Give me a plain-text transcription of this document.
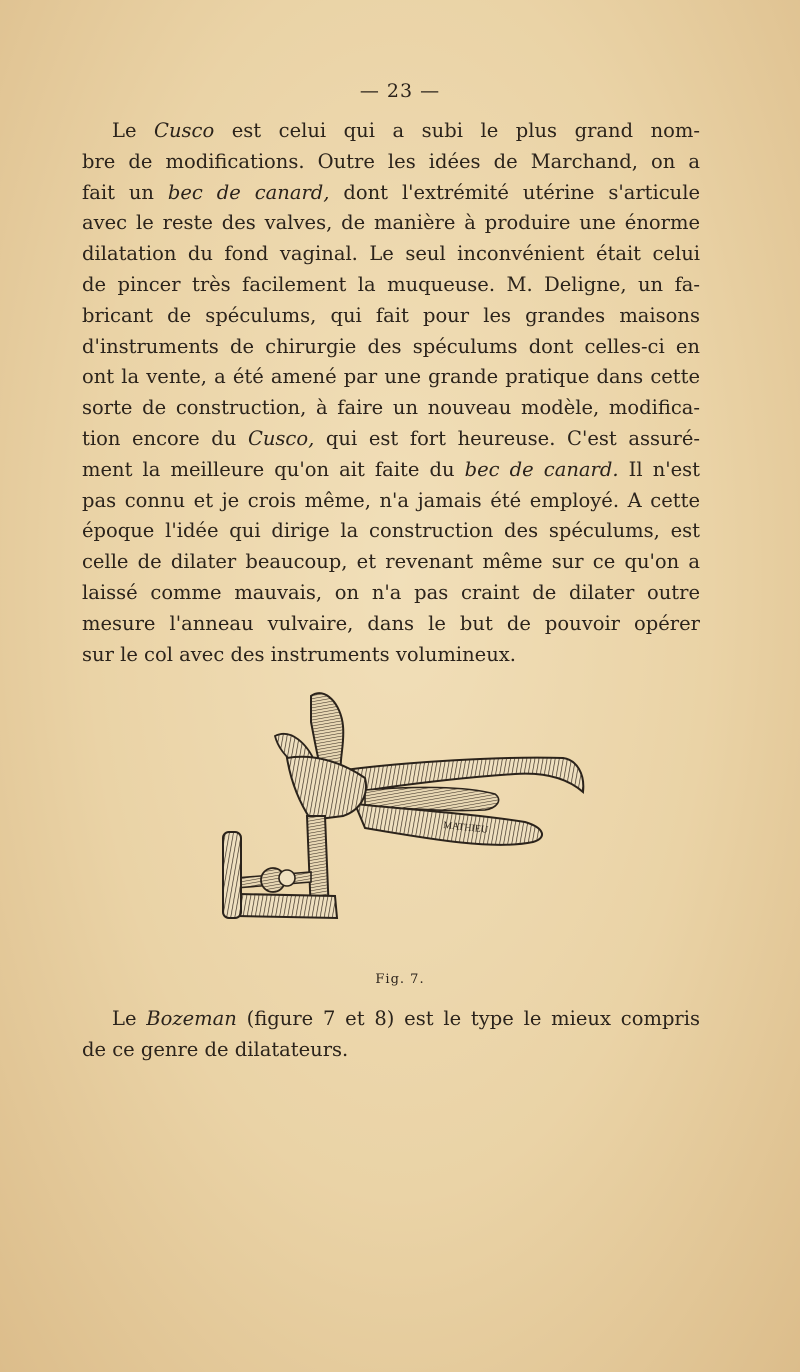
— 23 —
Le Cusco est celui qui a subi le plus grand nom-
bre de modifications. Outre les idées de Marchand, on a
fait un bec de canard, dont l'extrémité utérine s'articule
avec le reste des valves, de manière à produire une énorme
dilatation du fond vaginal. Le seul inconvénient était celui
de pincer très facilement la muqueuse. M. Deligne, un fa-
bricant de spéculums, qui fait pour les grandes maisons
d'instruments de chirurgie des spéculums dont celles-ci en
ont la vente, a été amené par une grande pratique dans cette
sorte de construction, à faire un nouveau modèle, modifica-
tion encore du Cusco, qui est fort heureuse. C'est assuré-
ment la meilleure qu'on ait faite du bec de canard. Il n'est
pas connu et je crois même, n'a jamais été employé. A cette
époque l'idée qui dirige la construction des spéculums, est
celle de dilater beaucoup, et revenant même sur ce qu'on a
laissé comme mauvais, on n'a pas craint de dilater outre
mesure l'anneau vulvaire, dans le but de pouvoir opérer
sur le col avec des instruments volumineux.
MATHIEU
Fig. 7.
Le Bozeman (figure 7 et 8) est le type le mieux compris
de ce genre de dilatateurs.
